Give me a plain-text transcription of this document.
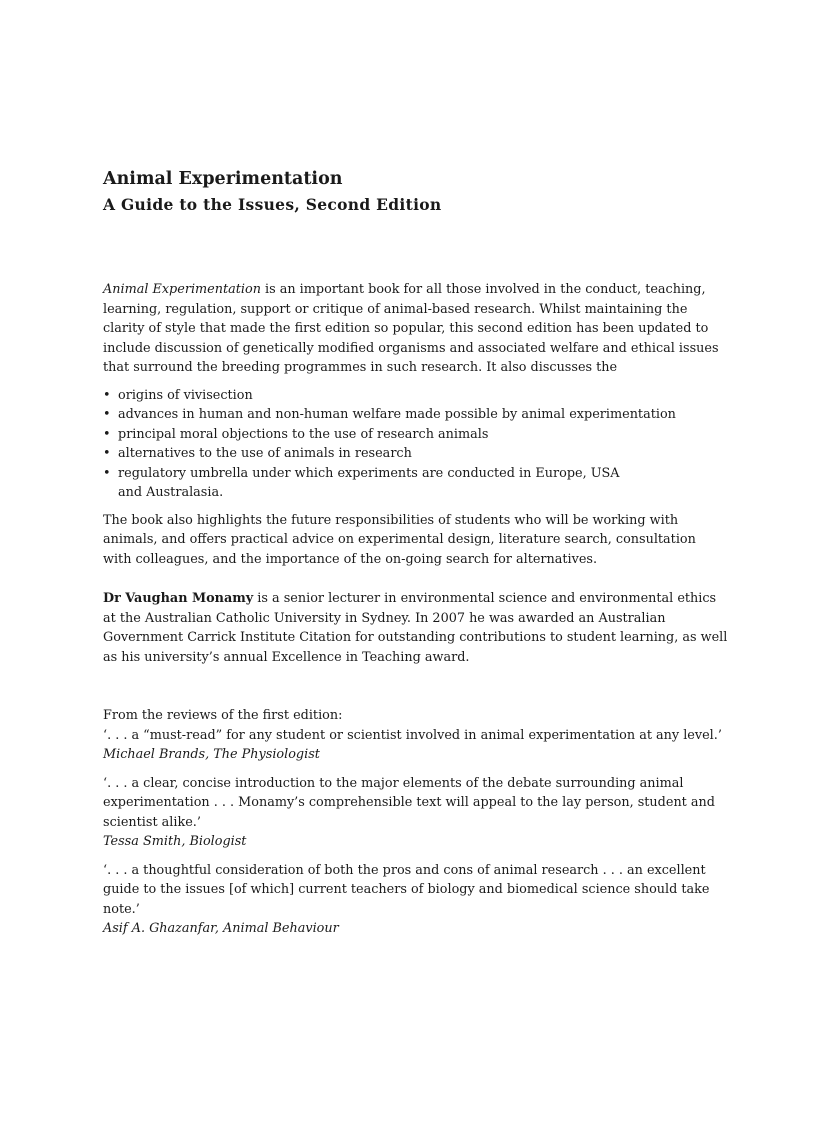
Animal Experimentation
A Guide to the Issues, Second Edition

Animal Experimentation is an important book for all those involved in the conduct, teaching, learning, regulation, support or critique of animal-based research. Whilst maintaining the clarity of style that made the first edition so popular, this second edition has been updated to include discussion of genetically modified organisms and associated welfare and ethical issues that surround the breeding programmes in such research. It also discusses the

• origins of vivisection
• advances in human and non-human welfare made possible by animal experimentation
• principal moral objections to the use of research animals
• alternatives to the use of animals in research
• regulatory umbrella under which experiments are conducted in Europe, USA and Australasia.

The book also highlights the future responsibilities of students who will be working with animals, and offers practical advice on experimental design, literature search, consultation with colleagues, and the importance of the on-going search for alternatives.

Dr Vaughan Monamy is a senior lecturer in environmental science and environmental ethics at the Australian Catholic University in Sydney. In 2007 he was awarded an Australian Government Carrick Institute Citation for outstanding contributions to student learning, as well as his university’s annual Excellence in Teaching award.

From the reviews of the first edition:

‘. . . a “must-read” for any student or scientist involved in animal experimentation at any level.’

Michael Brands, The Physiologist

‘. . . a clear, concise introduction to the major elements of the debate surrounding animal experimentation . . . Monamy’s comprehensible text will appeal to the lay person, student and scientist alike.’

Tessa Smith, Biologist

‘. . . a thoughtful consideration of both the pros and cons of animal research . . . an excellent guide to the issues [of which] current teachers of biology and biomedical science should take note.’

Asif A. Ghazanfar, Animal Behaviour
